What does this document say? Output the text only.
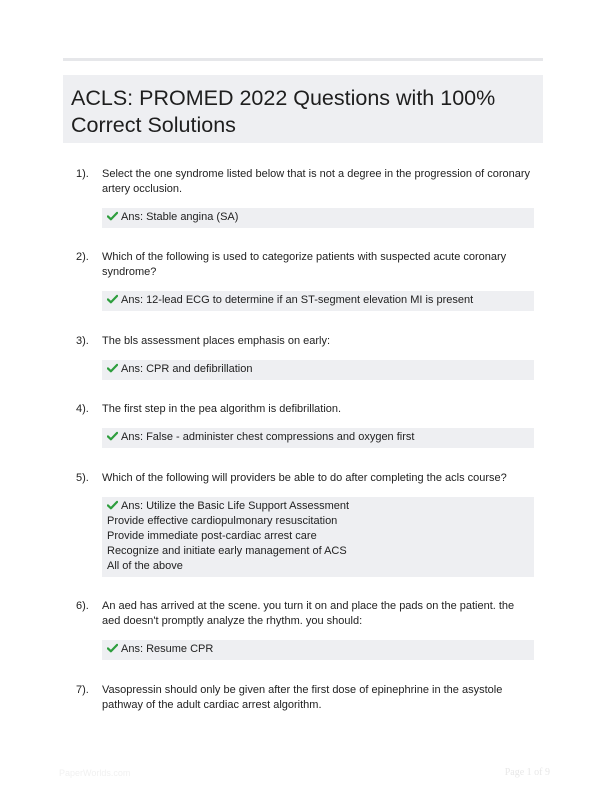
ACLS: PROMED 2022 Questions with 100% Correct Solutions
1). Select the one syndrome listed below that is not a degree in the progression of coronary artery occlusion.
Ans: Stable angina (SA)
2). Which of the following is used to categorize patients with suspected acute coronary syndrome?
Ans: 12-lead ECG to determine if an ST-segment elevation MI is present
3). The bls assessment places emphasis on early:
Ans: CPR and defibrillation
4). The first step in the pea algorithm is defibrillation.
Ans: False - administer chest compressions and oxygen first
5). Which of the following will providers be able to do after completing the acls course?
Ans: Utilize the Basic Life Support Assessment
Provide effective cardiopulmonary resuscitation
Provide immediate post-cardiac arrest care
Recognize and initiate early management of ACS
All of the above
6). An aed has arrived at the scene. you turn it on and place the pads on the patient. the aed doesn't promptly analyze the rhythm. you should:
Ans: Resume CPR
7). Vasopressin should only be given after the first dose of epinephrine in the asystole pathway of the adult cardiac arrest algorithm.
PaperWorlds.com	Page 1 of 9
